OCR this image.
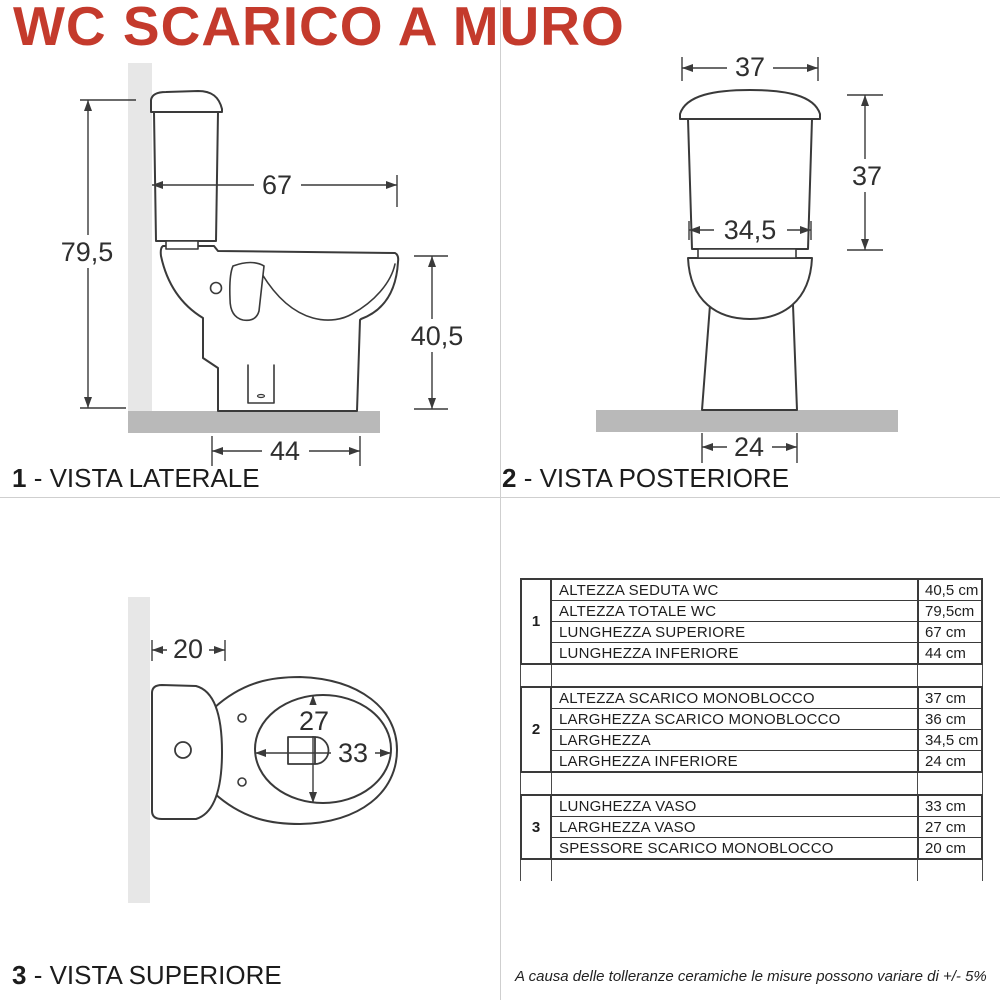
WC SCARICO A MURO
79,5
67
40,5
44
37
37
34,5
24
20
27
33
1 - VISTA LATERALE	2 - VISTA POSTERIORE
3 - VISTA SUPERIORE
1
ALTEZZA SEDUTA WC	40,5 cm
ALTEZZA TOTALE WC	79,5cm
LUNGHEZZA SUPERIORE	67 cm
LUNGHEZZA INFERIORE	44 cm
2
ALTEZZA SCARICO MONOBLOCCO	37 cm
LARGHEZZA SCARICO MONOBLOCCO	36 cm
LARGHEZZA	34,5 cm
LARGHEZZA INFERIORE	24 cm
3
LUNGHEZZA VASO	33 cm
LARGHEZZA VASO	27 cm
SPESSORE SCARICO MONOBLOCCO	20 cm
A causa delle tolleranze ceramiche le misure possono variare di +/- 5%
